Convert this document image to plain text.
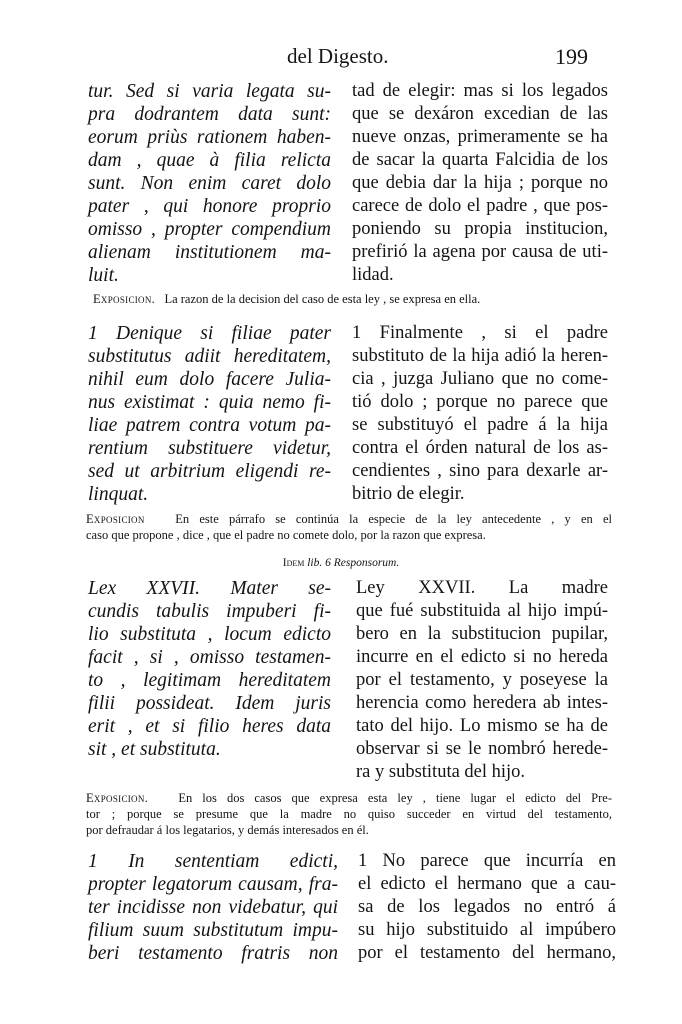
del Digesto.	199
tur. Sed si varia legata su-
pra dodrantem data sunt:
eorum priùs rationem haben-
dam , quae à filia relicta
sunt. Non enim caret dolo
pater , qui honore proprio
omisso , propter compendium
alienam institutionem ma-
luit.
tad de elegir: mas si los legados
que se dexáron excedian de las
nueve onzas, primeramente se ha
de sacar la quarta Falcidia de los
que debia dar la hija ; porque no
carece de dolo el padre , que pos-
poniendo su propia institucion,
prefirió la agena por causa de uti-
lidad.
Exposicion. La razon de la decision del caso de esta ley , se expresa en ella.
1 Denique si filiae pater
substitutus adiit hereditatem,
nihil eum dolo facere Julia-
nus existimat : quia nemo fi-
liae patrem contra votum pa-
rentium substituere videtur,
sed ut arbitrium eligendi re-
linquat.
1 Finalmente , si el padre
substituto de la hija adió la heren-
cia , juzga Juliano que no come-
tió dolo ; porque no parece que
se substituyó el padre á la hija
contra el órden natural de los as-
cendientes , sino para dexarle ar-
bitrio de elegir.
Exposicion En este párrafo se continúa la especie de la ley antecedente , y en el
caso que propone , dice , que el padre no comete dolo, por la razon que expresa.
Idem lib. 6 Responsorum.
Lex XXVII. Mater se-
cundis tabulis impuberi fi-
lio substituta , locum edicto
facit , si , omisso testamen-
to , legitimam hereditatem
filii possideat. Idem juris
erit , et si filio heres data
sit , et substituta.
Ley XXVII. La madre
que fué substituida al hijo impú-
bero en la substitucion pupilar,
incurre en el edicto si no hereda
por el testamento, y poseyese la
herencia como heredera ab intes-
tato del hijo. Lo mismo se ha de
observar si se le nombró herede-
ra y substituta del hijo.
Exposicion. En los dos casos que expresa esta ley , tiene lugar el edicto del Pre-
tor ; porque se presume que la madre no quiso succeder en virtud del testamento,
por defraudar á los legatarios, y demás interesados en él.
1 In sententiam edicti,
propter legatorum causam, fra-
ter incidisse non videbatur, qui
filium suum substitutum impu-
beri testamento fratris non
1 No parece que incurría en
el edicto el hermano que a cau-
sa de los legados no entró á
su hijo substituido al impúbero
por el testamento del hermano,
